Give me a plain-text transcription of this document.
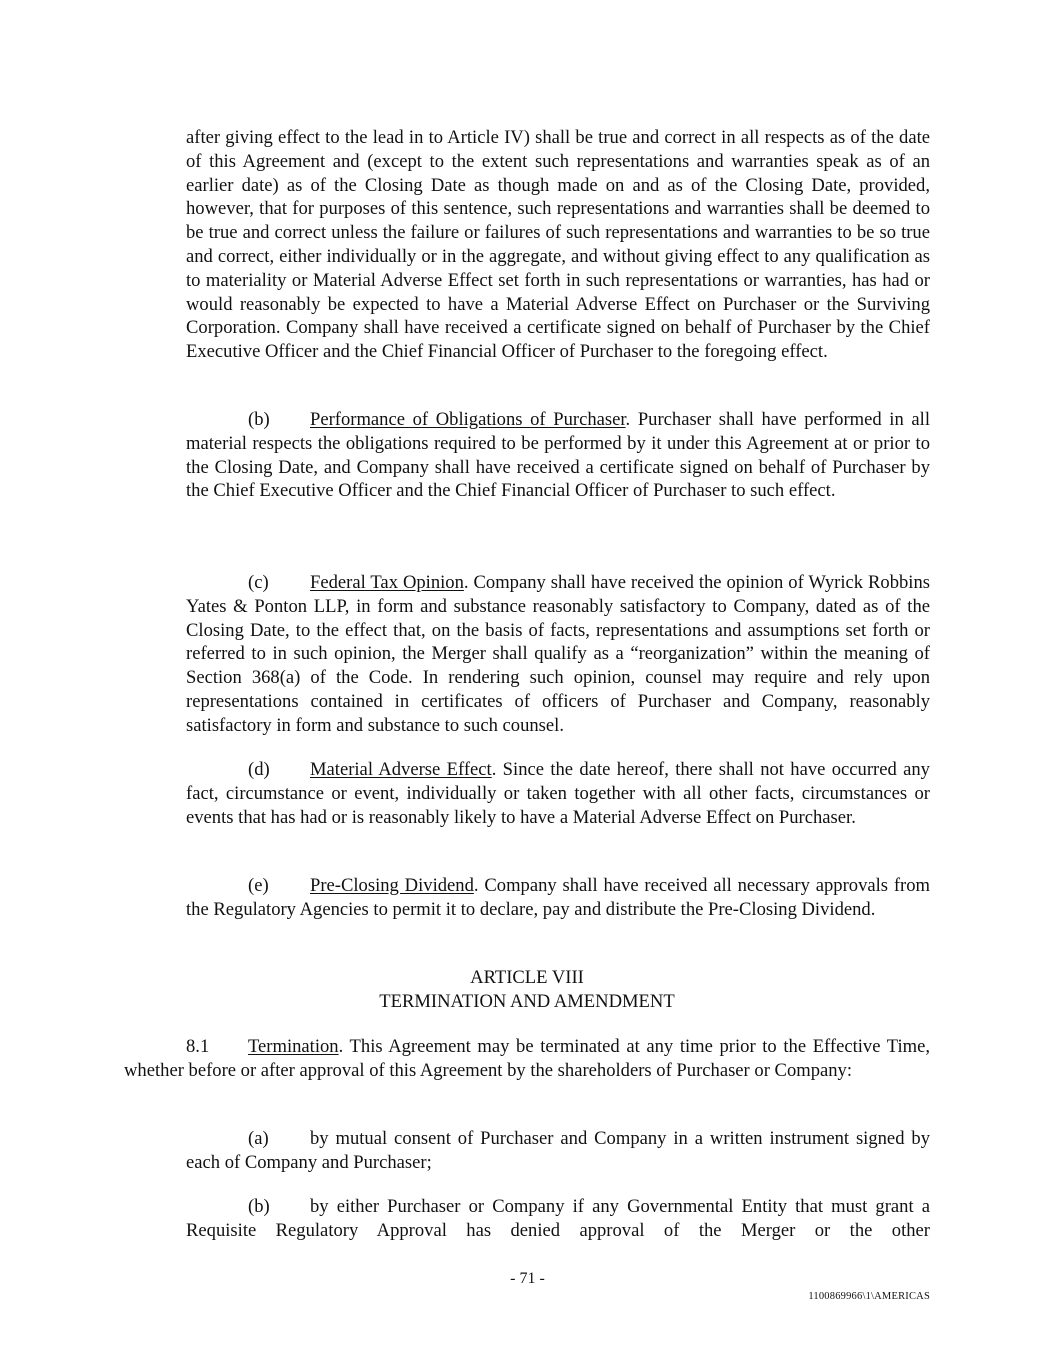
after giving effect to the lead in to Article IV) shall be true and correct in all respects as of the date of this Agreement and (except to the extent such representations and warranties speak as of an earlier date) as of the Closing Date as though made on and as of the Closing Date, provided, however, that for purposes of this sentence, such representations and warranties shall be deemed to be true and correct unless the failure or failures of such representations and warranties to be so true and correct, either individually or in the aggregate, and without giving effect to any qualification as to materiality or Material Adverse Effect set forth in such representations or warranties, has had or would reasonably be expected to have a Material Adverse Effect on Purchaser or the Surviving Corporation. Company shall have received a certificate signed on behalf of Purchaser by the Chief Executive Officer and the Chief Financial Officer of Purchaser to the foregoing effect.

(b) Performance of Obligations of Purchaser. Purchaser shall have performed in all material respects the obligations required to be performed by it under this Agreement at or prior to the Closing Date, and Company shall have received a certificate signed on behalf of Purchaser by the Chief Executive Officer and the Chief Financial Officer of Purchaser to such effect.

(c) Federal Tax Opinion. Company shall have received the opinion of Wyrick Robbins Yates & Ponton LLP, in form and substance reasonably satisfactory to Company, dated as of the Closing Date, to the effect that, on the basis of facts, representations and assumptions set forth or referred to in such opinion, the Merger shall qualify as a “reorganization” within the meaning of Section 368(a) of the Code. In rendering such opinion, counsel may require and rely upon representations contained in certificates of officers of Purchaser and Company, reasonably satisfactory in form and substance to such counsel.

(d) Material Adverse Effect. Since the date hereof, there shall not have occurred any fact, circumstance or event, individually or taken together with all other facts, circumstances or events that has had or is reasonably likely to have a Material Adverse Effect on Purchaser.

(e) Pre-Closing Dividend. Company shall have received all necessary approvals from the Regulatory Agencies to permit it to declare, pay and distribute the Pre-Closing Dividend.

ARTICLE VIII

TERMINATION AND AMENDMENT

8.1 Termination. This Agreement may be terminated at any time prior to the Effective Time, whether before or after approval of this Agreement by the shareholders of Purchaser or Company:

(a) by mutual consent of Purchaser and Company in a written instrument signed by each of Company and Purchaser;

(b) by either Purchaser or Company if any Governmental Entity that must grant a Requisite Regulatory Approval has denied approval of the Merger or the other

- 71 -
1100869966\1\AMERICAS
